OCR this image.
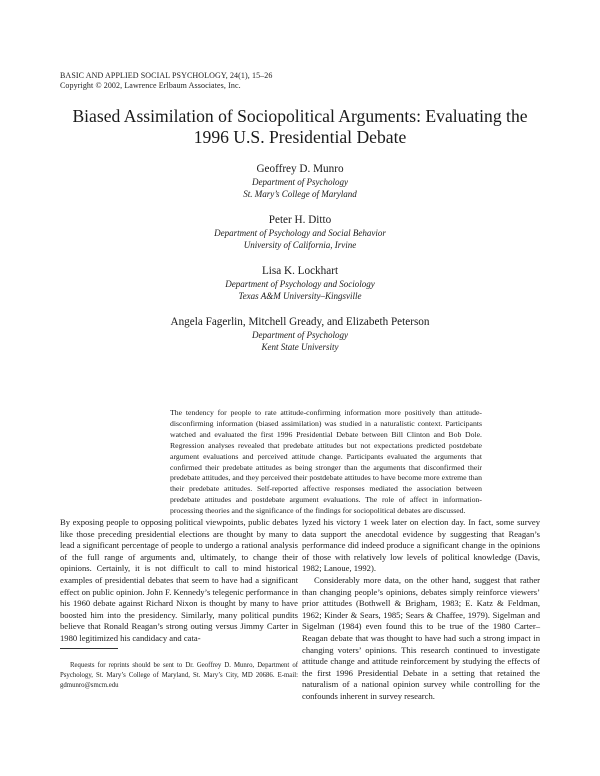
BASIC AND APPLIED SOCIAL PSYCHOLOGY, 24(1), 15–26
Copyright © 2002, Lawrence Erlbaum Associates, Inc.
Biased Assimilation of Sociopolitical Arguments: Evaluating the
1996 U.S. Presidential Debate
Geoffrey D. Munro
Department of Psychology
St. Mary’s College of Maryland
Peter H. Ditto
Department of Psychology and Social Behavior
University of California, Irvine
Lisa K. Lockhart
Department of Psychology and Sociology
Texas A&M University–Kingsville
Angela Fagerlin, Mitchell Gready, and Elizabeth Peterson
Department of Psychology
Kent State University

The tendency for people to rate attitude-confirming information more positively than attitude-disconfirming information (biased assimilation) was studied in a naturalistic context. Participants watched and evaluated the first 1996 Presidential Debate between Bill Clinton and Bob Dole. Regression analyses revealed that predebate attitudes but not expectations predicted postdebate argument evaluations and perceived attitude change. Participants evaluated the arguments that confirmed their predebate attitudes as being stronger than the arguments that disconfirmed their predebate attitudes, and they perceived their postdebate attitudes to have become more extreme than their predebate attitudes. Self-reported affective responses mediated the association between predebate attitudes and postdebate argument evaluations. The role of affect in information-processing theories and the significance of the findings for sociopolitical debates are discussed.

By exposing people to opposing political viewpoints, public debates like those preceding presidential elections are thought by many to lead a significant percentage of people to undergo a rational analysis of the full range of arguments and, ultimately, to change their opinions. Certainly, it is not difficult to call to mind historical examples of presidential debates that seem to have had a significant effect on public opinion. John F. Kennedy’s telegenic performance in his 1960 debate against Richard Nixon is thought by many to have boosted him into the presidency. Similarly, many political pundits believe that Ronald Reagan’s strong outing versus Jimmy Carter in 1980 legitimized his candidacy and cata-

lyzed his victory 1 week later on election day. In fact, some survey data support the anecdotal evidence by suggesting that Reagan’s performance did indeed produce a significant change in the opinions of those with relatively low levels of political knowledge (Davis, 1982; Lanoue, 1992).

Considerably more data, on the other hand, suggest that rather than changing people’s opinions, debates simply reinforce viewers’ prior attitudes (Bothwell & Brigham, 1983; E. Katz & Feldman, 1962; Kinder & Sears, 1985; Sears & Chaffee, 1979). Sigelman and Sigelman (1984) even found this to be true of the 1980 Carter–Reagan debate that was thought to have had such a strong impact in changing voters’ opinions. This research continued to investigate attitude change and attitude reinforcement by studying the effects of the first 1996 Presidential Debate in a setting that retained the naturalism of a national opinion survey while controlling for the confounds inherent in survey research.

Requests for reprints should be sent to Dr. Geoffrey D. Munro, Department of Psychology, St. Mary’s College of Maryland, St. Mary’s City, MD 20686. E-mail: gdmunro@smcm.edu
